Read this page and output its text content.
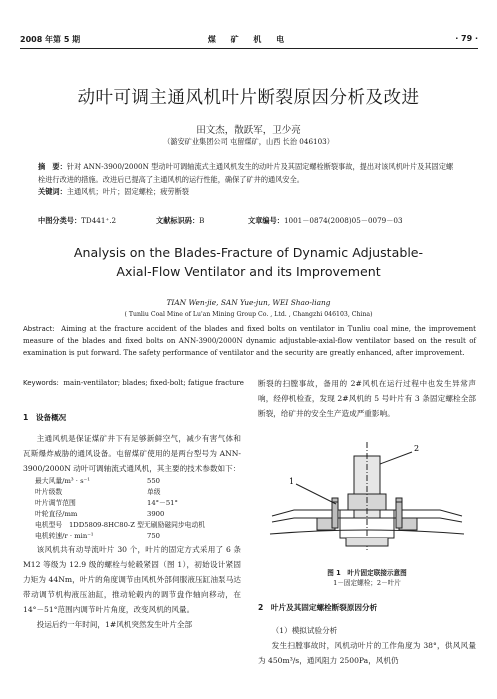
2008 年第 5 期	煤 矿 机 电	· 79 ·
动叶可调主通风机叶片断裂原因分析及改进
田文杰，散跃军，卫少亮
（潞安矿业集团公司 屯留煤矿，山西 长治 046103）
摘　要：针对 ANN-3900/2000N 型动叶可调轴流式主通风机发生的动叶片及其固定螺栓断裂事故，提出对该风机叶片及其固定螺栓进行改进的措施。改进后已提高了主通风机的运行性能，确保了矿井的通风安全。
关键词：主通风机；叶片；固定螺栓；疲劳断裂
中图分类号： TD441⁺.2	文献标识码： B	文章编号： 1001－0874(2008)05－0079－03
Analysis on the Blades-Fracture of Dynamic Adjustable-
Axial-Flow Ventilator and its Improvement
TIAN Wen-jie, SAN Yue-jun, WEI Shao-liang
( Tunliu Coal Mine of Lu'an Mining Group Co. , Ltd. , Changzhi 046103, China)
Abstract: Aiming at the fracture accident of the blades and fixed bolts on ventilator in Tunliu coal mine, the improvement measure of the blades and fixed bolts on ANN-3900/2000N dynamic adjustable-axial-flow ventilator based on the result of examination is put forward. The safety performance of ventilator and the security are greatly enhanced, after improvement.
Keywords: main-ventilator; blades; fixed-bolt; fatigue fracture

1　设备概况

主通风机是保证煤矿井下有足够新鲜空气，减少有害气体和瓦斯爆炸威胁的通风设备。屯留煤矿使用的是两台型号为 ANN-3900/2000N 动叶可调轴流式通风机，其主要的技术参数如下：

最大风量/m³ · s⁻¹	550
叶片级数	单级
叶片调节范围	14°－51°
叶轮直径/mm	3900
电机型号　1DD5809-8HC80-Z 型无刷励磁同步电动机
电机转速/r · min⁻¹	750

该风机共有动导流叶片 30 个，叶片的固定方式采用了 6 条 M12 等级为 12.9 级的螺栓与轮毂紧固（图 1），初始设计紧固力矩为 44Nm，叶片的角度调节由风机外部伺服液压缸油泵马达带动调节机构液压油缸，推动轮毂内的调节盘作轴向移动，在 14°－51°范围内调节叶片角度，改变风机的风量。

投运后约一年时间，1#风机突然发生叶片全部

断裂的扫膛事故，备用的 2#风机在运行过程中也发生异常声响，经停机检查，发现 2#风机的 5 号叶片有 3 条固定螺栓全部断裂，给矿井的安全生产造成严重影响。

1
2
图 1　叶片固定联接示意图
1－固定螺栓；2－叶片
2　叶片及其固定螺栓断裂原因分析

（1）模拟试验分析

发生扫膛事故时，风机动叶片的工作角度为 38°，供风风量为 450m³/s，通风阻力 2500Pa，风机仍
